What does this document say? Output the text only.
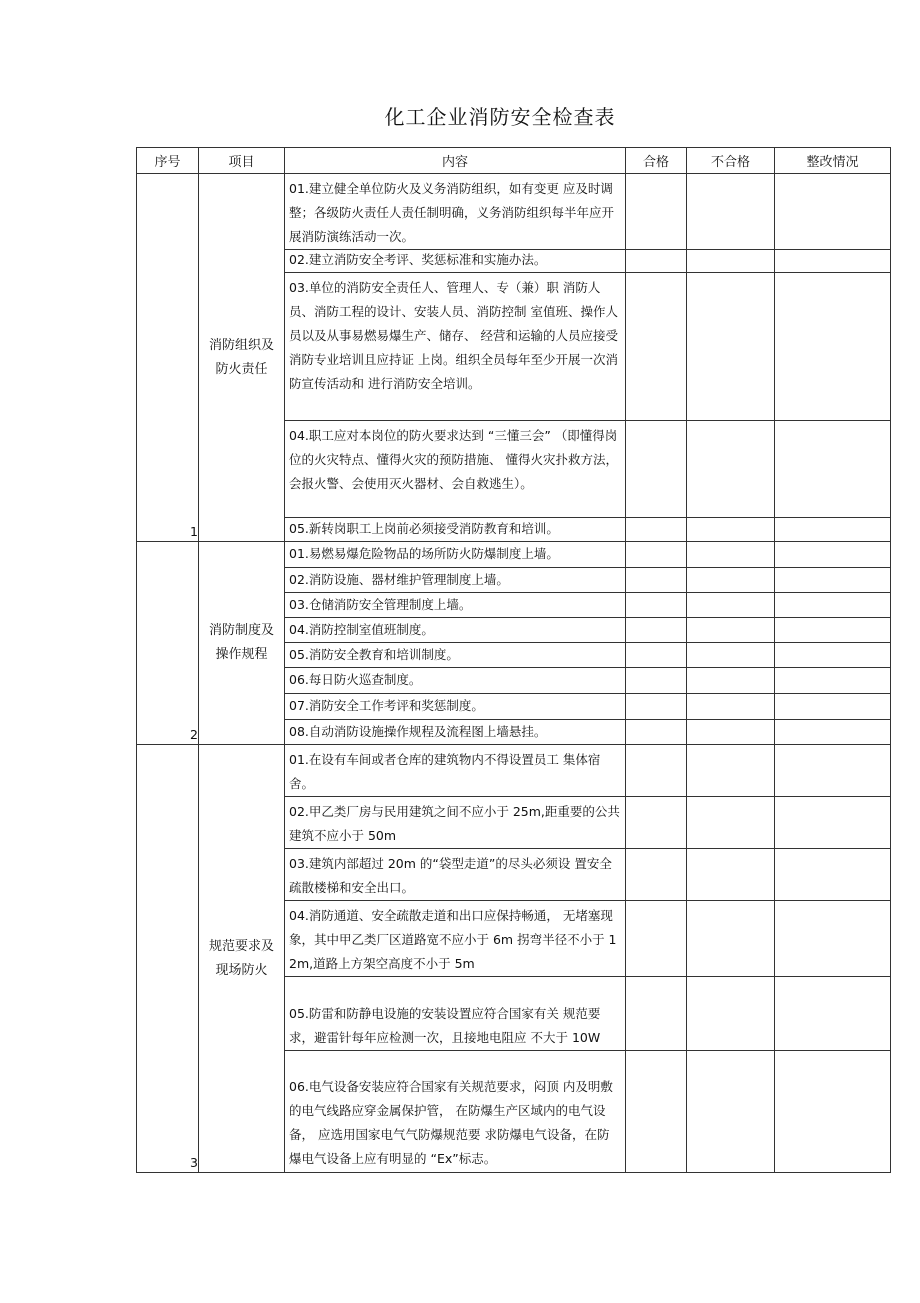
化工企业消防安全检查表
序号	项目	内容	合格	不合格	整改情况
1	消防组织及防火责任	01.建立健全单位防火及义务消防组织，如有变更 应及时调整；各级防火责任人责任制明确，义务消防组织每半年应开展消防演练活动一次。			
		02.建立消防安全考评、奖惩标准和实施办法。			
		03.单位的消防安全责任人、管理人、专（兼）职 消防人员、消防工程的设计、安装人员、消防控制 室值班、操作人员以及从事易燃易爆生产、储存、 经营和运输的人员应接受消防专业培训且应持证 上岗。组织全员每年至少开展一次消防宣传活动和 进行消防安全培训。			
		04.职工应对本岗位的防火要求达到 “三懂三会” （即懂得岗位的火灾特点、懂得火灾的预防措施、 懂得火灾扑救方法，会报火警、会使用灭火器材、会自救逃生）。			
		05.新转岗职工上岗前必须接受消防教育和培训。			
2	消防制度及操作规程	01.易燃易爆危险物品的场所防火防爆制度上墙。			
		02.消防设施、器材维护管理制度上墙。			
		03.仓储消防安全管理制度上墙。			
		04.消防控制室值班制度。			
		05.消防安全教育和培训制度。			
		06.每日防火巡查制度。			
		07.消防安全工作考评和奖惩制度。			
		08.自动消防设施操作规程及流程图上墙悬挂。			
3	规范要求及现场防火	01.在设有车间或者仓库的建筑物内不得设置员工 集体宿舍。			
		02.甲乙类厂房与民用建筑之间不应小于 25m,距重要的公共建筑不应小于 50m			
		03.建筑内部超过 20m 的“袋型走道”的尽头必须设 置安全疏散楼梯和安全出口。			
		04.消防通道、安全疏散走道和出口应保持畅通， 无堵塞现象，其中甲乙类厂区道路宽不应小于 6m 拐弯半径不小于 12m,道路上方架空高度不小于 5m			
		05.防雷和防静电设施的安装设置应符合国家有关 规范要求，避雷针每年应检测一次，且接地电阻应 不大于 10W			
		06.电气设备安装应符合国家有关规范要求，闷顶 内及明敷的电气线路应穿金属保护管， 在防爆生产区域内的电气设备， 应选用国家电气气防爆规范要 求防爆电气设备，在防爆电气设备上应有明显的 “Ex”标志。			
